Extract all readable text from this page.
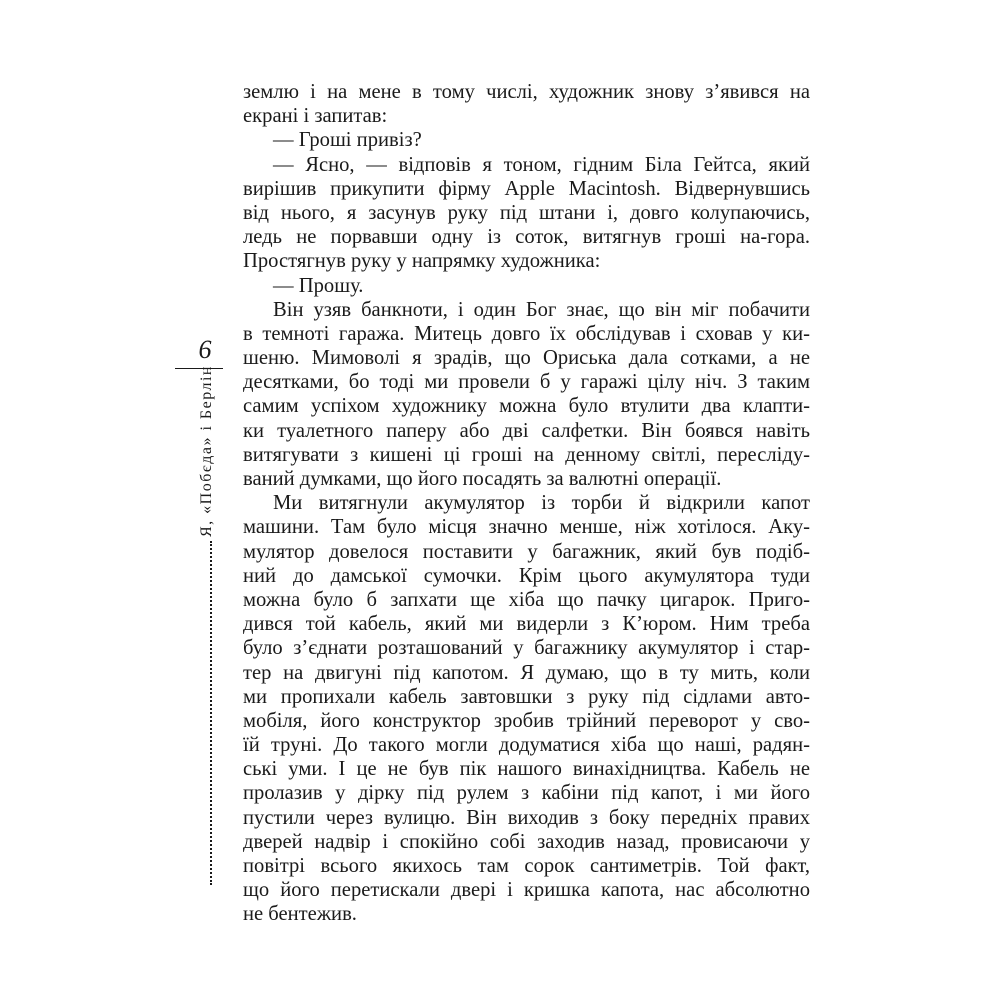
6
Я, «Побєда» і Берлін
землю і на мене в тому числі, художник знову з’явився на
екрані і запитав:
— Гроші привіз?
— Ясно, — відповів я тоном, гідним Біла Гейтса, який
вирішив прикупити фірму Apple Macintosh. Відвернувшись
від нього, я засунув руку під штани і, довго колупаючись,
ледь не порвавши одну із соток, витягнув гроші на-гора.
Простягнув руку у напрямку художника:
— Прошу.
Він узяв банкноти, і один Бог знає, що він міг побачити
в темноті гаража. Митець довго їх обслідував і сховав у ки-
шеню. Мимоволі я зрадів, що Ориська дала сотками, а не
десятками, бо тоді ми провели б у гаражі цілу ніч. З таким
самим успіхом художнику можна було втулити два клапти-
ки туалетного паперу або дві салфетки. Він боявся навіть
витягувати з кишені ці гроші на денному світлі, пересліду-
ваний думками, що його посадять за валютні операції.
Ми витягнули акумулятор із торби й відкрили капот
машини. Там було місця значно менше, ніж хотілося. Аку-
мулятор довелося поставити у багажник, який був подіб-
ний до дамської сумочки. Крім цього акумулятора туди
можна було б запхати ще хіба що пачку цигарок. Приго-
дився той кабель, який ми видерли з К’юром. Ним треба
було з’єднати розташований у багажнику акумулятор і стар-
тер на двигуні під капотом. Я думаю, що в ту мить, коли
ми пропихали кабель завтовшки з руку під сідлами авто-
мобіля, його конструктор зробив трійний переворот у сво-
їй труні. До такого могли додуматися хіба що наші, радян-
ські уми. І це не був пік нашого винахідництва. Кабель не
пролазив у дірку під рулем з кабіни під капот, і ми його
пустили через вулицю. Він виходив з боку передніх правих
дверей надвір і спокійно собі заходив назад, провисаючи у
повітрі всього якихось там сорок сантиметрів. Той факт,
що його перетискали двері і кришка капота, нас абсолютно
не бентежив.
